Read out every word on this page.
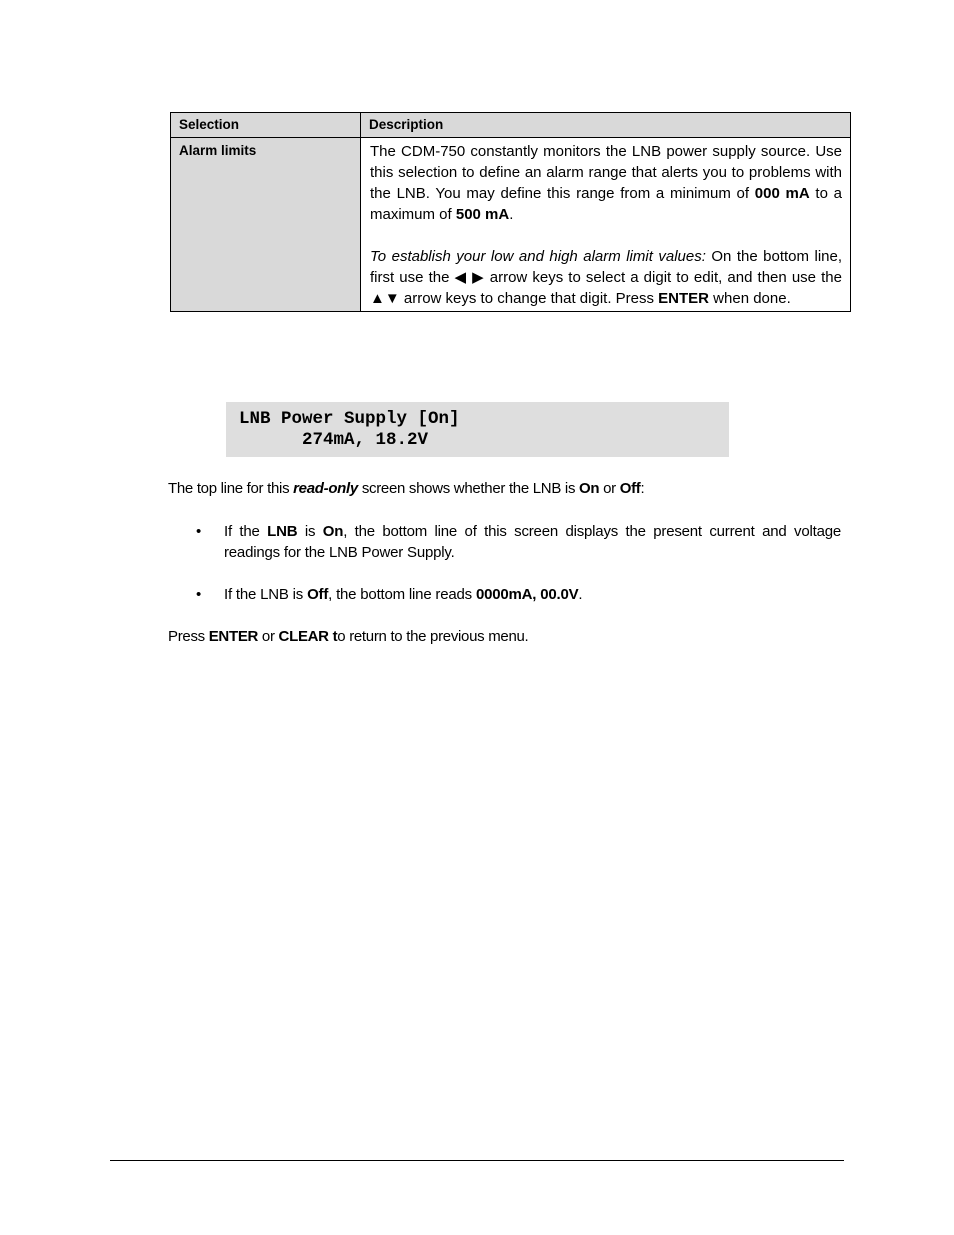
Selection	Description
Alarm limits	The CDM-750 constantly monitors the LNB power supply source. Use this selection to define an alarm range that alerts you to problems with the LNB. You may define this range from a minimum of 000 mA to a maximum of 500 mA.

To establish your low and high alarm limit values: On the bottom line, first use the ◀ ▶ arrow keys to select a digit to edit, and then use the ▲▼ arrow keys to change that digit. Press ENTER when done.

LNB Power Supply [On]
274mA, 18.2V
The top line for this read-only screen shows whether the LNB is On or Off:
• If the LNB is On, the bottom line of this screen displays the present current and voltage readings for the LNB Power Supply.
• If the LNB is Off, the bottom line reads 0000mA, 00.0V.
Press ENTER or CLEAR to return to the previous menu.
